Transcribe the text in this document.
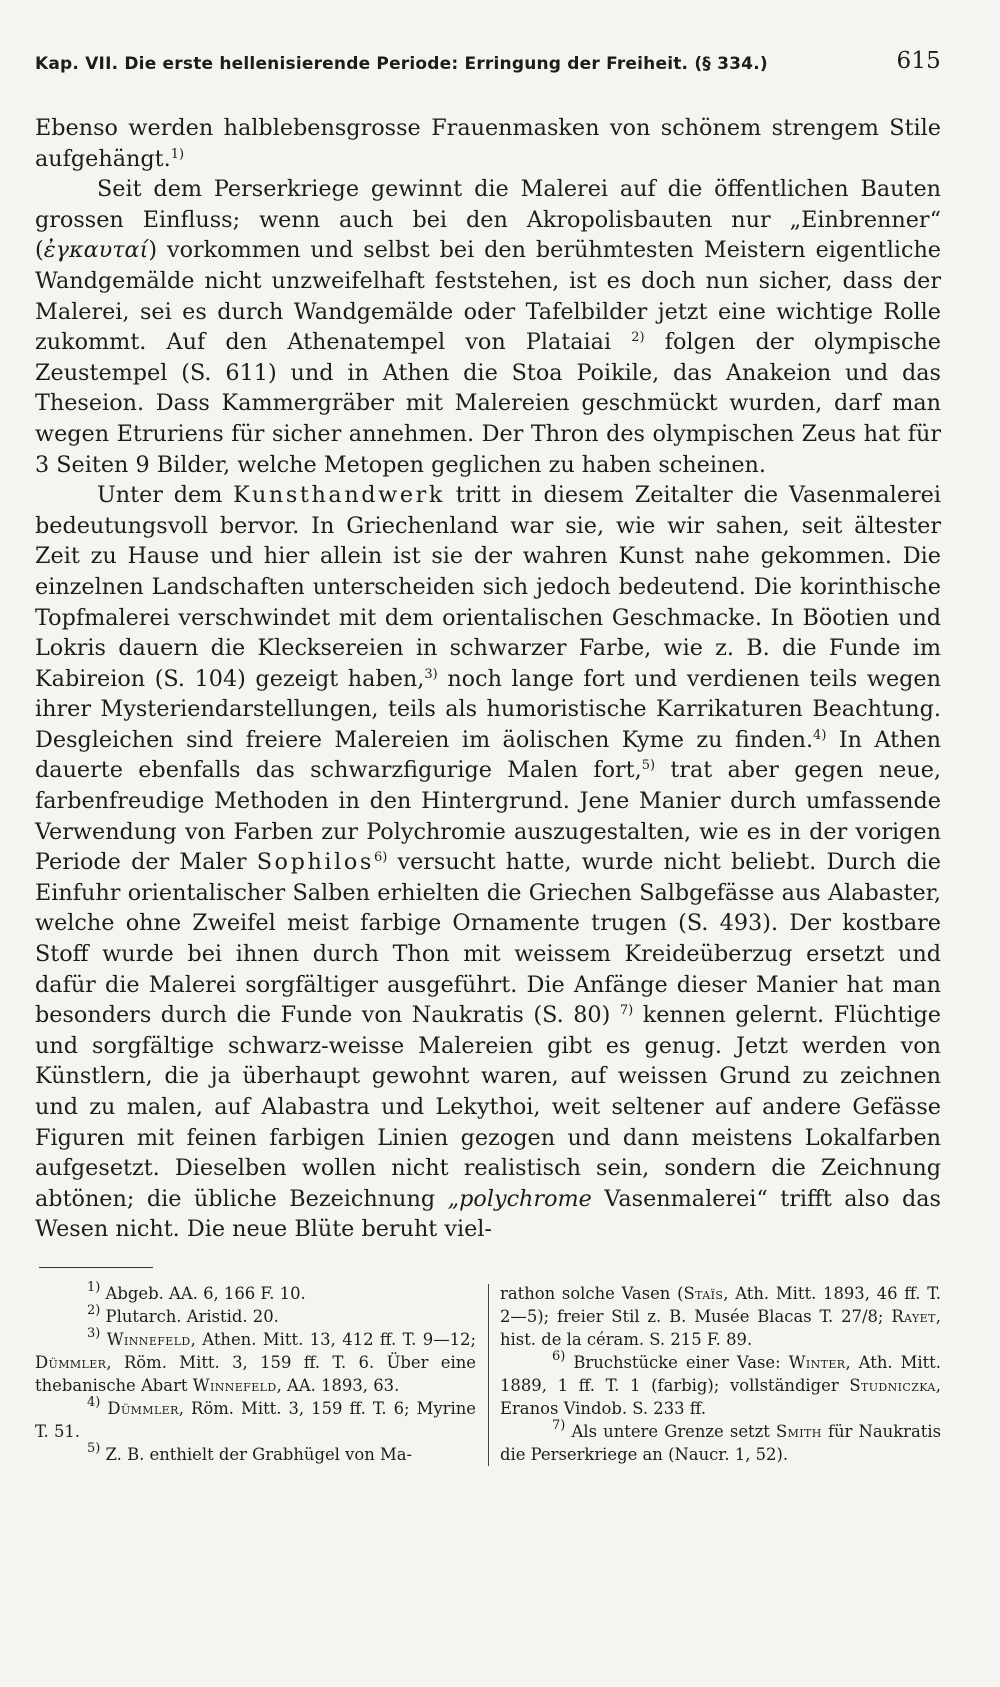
Kap. VII. Die erste hellenisierende Periode: Erringung der Freiheit. (§ 334.)	615

Ebenso werden halblebensgrosse Frauenmasken von schönem strengem Stile aufgehängt.$^{1)}$

Seit dem Perserkriege gewinnt die Malerei auf die öffentlichen Bauten grossen Einfluss; wenn auch bei den Akropolisbauten nur „Einbrenner“ (ἐγκαυταί) vorkommen und selbst bei den berühmtesten Meistern eigentliche Wandgemälde nicht unzweifelhaft feststehen, ist es doch nun sicher, dass der Malerei, sei es durch Wandgemälde oder Tafelbilder jetzt eine wichtige Rolle zukommt. Auf den Athenatempel von Plataiai $^{2)}$ folgen der olympische Zeustempel (S. 611) und in Athen die Stoa Poikile, das Anakeion und das Theseion. Dass Kammergräber mit Malereien geschmückt wurden, darf man wegen Etruriens für sicher annehmen. Der Thron des olympischen Zeus hat für 3 Seiten 9 Bilder, welche Metopen geglichen zu haben scheinen.

Unter dem Kunsthandwerk tritt in diesem Zeitalter die Vasenmalerei bedeutungsvoll bervor. In Griechenland war sie, wie wir sahen, seit ältester Zeit zu Hause und hier allein ist sie der wahren Kunst nahe gekommen. Die einzelnen Landschaften unterscheiden sich jedoch bedeutend. Die korinthische Topfmalerei verschwindet mit dem orientalischen Geschmacke. In Böotien und Lokris dauern die Klecksereien in schwarzer Farbe, wie z. B. die Funde im Kabireion (S. 104) gezeigt haben,$^{3)}$ noch lange fort und verdienen teils wegen ihrer Mysteriendarstellungen, teils als humoristische Karrikaturen Beachtung. Desgleichen sind freiere Malereien im äolischen Kyme zu finden.$^{4)}$ In Athen dauerte ebenfalls das schwarzfigurige Malen fort,$^{5)}$ trat aber gegen neue, farbenfreudige Methoden in den Hintergrund. Jene Manier durch umfassende Verwendung von Farben zur Polychromie auszugestalten, wie es in der vorigen Periode der Maler Sophilos$^{6)}$ versucht hatte, wurde nicht beliebt. Durch die Einfuhr orientalischer Salben erhielten die Griechen Salbgefässe aus Alabaster, welche ohne Zweifel meist farbige Ornamente trugen (S. 493). Der kostbare Stoff wurde bei ihnen durch Thon mit weissem Kreideüberzug ersetzt und dafür die Malerei sorgfältiger ausgeführt. Die Anfänge dieser Manier hat man besonders durch die Funde von Naukratis (S. 80) $^{7)}$ kennen gelernt. Flüchtige und sorgfältige schwarz-weisse Malereien gibt es genug. Jetzt werden von Künstlern, die ja überhaupt gewohnt waren, auf weissen Grund zu zeichnen und zu malen, auf Alabastra und Lekythoi, weit seltener auf andere Gefässe Figuren mit feinen farbigen Linien gezogen und dann meistens Lokalfarben aufgesetzt. Dieselben wollen nicht realistisch sein, sondern die Zeichnung abtönen; die übliche Bezeichnung „polychrome Vasenmalerei“ trifft also das Wesen nicht. Die neue Blüte beruht viel-

$^{1)}$ Abgeb. AA. 6, 166 F. 10.

$^{2)}$ Plutarch. Aristid. 20.

$^{3)}$ Winnefeld, Athen. Mitt. 13, 412 ff. T. 9—12; Dümmler, Röm. Mitt. 3, 159 ff. T. 6. Über eine thebanische Abart Winnefeld, AA. 1893, 63.

$^{4)}$ Dümmler, Röm. Mitt. 3, 159 ff. T. 6; Myrine T. 51.

$^{5)}$ Z. B. enthielt der Grabhügel von Ma-

rathon solche Vasen (Staïs, Ath. Mitt. 1893, 46 ff. T. 2—5); freier Stil z. B. Musée Blacas T. 27/8; Rayet, hist. de la céram. S. 215 F. 89.

$^{6)}$ Bruchstücke einer Vase: Winter, Ath. Mitt. 1889, 1 ff. T. 1 (farbig); vollständiger Studniczka, Eranos Vindob. S. 233 ff.

$^{7)}$ Als untere Grenze setzt Smith für Naukratis die Perserkriege an (Naucr. 1, 52).
